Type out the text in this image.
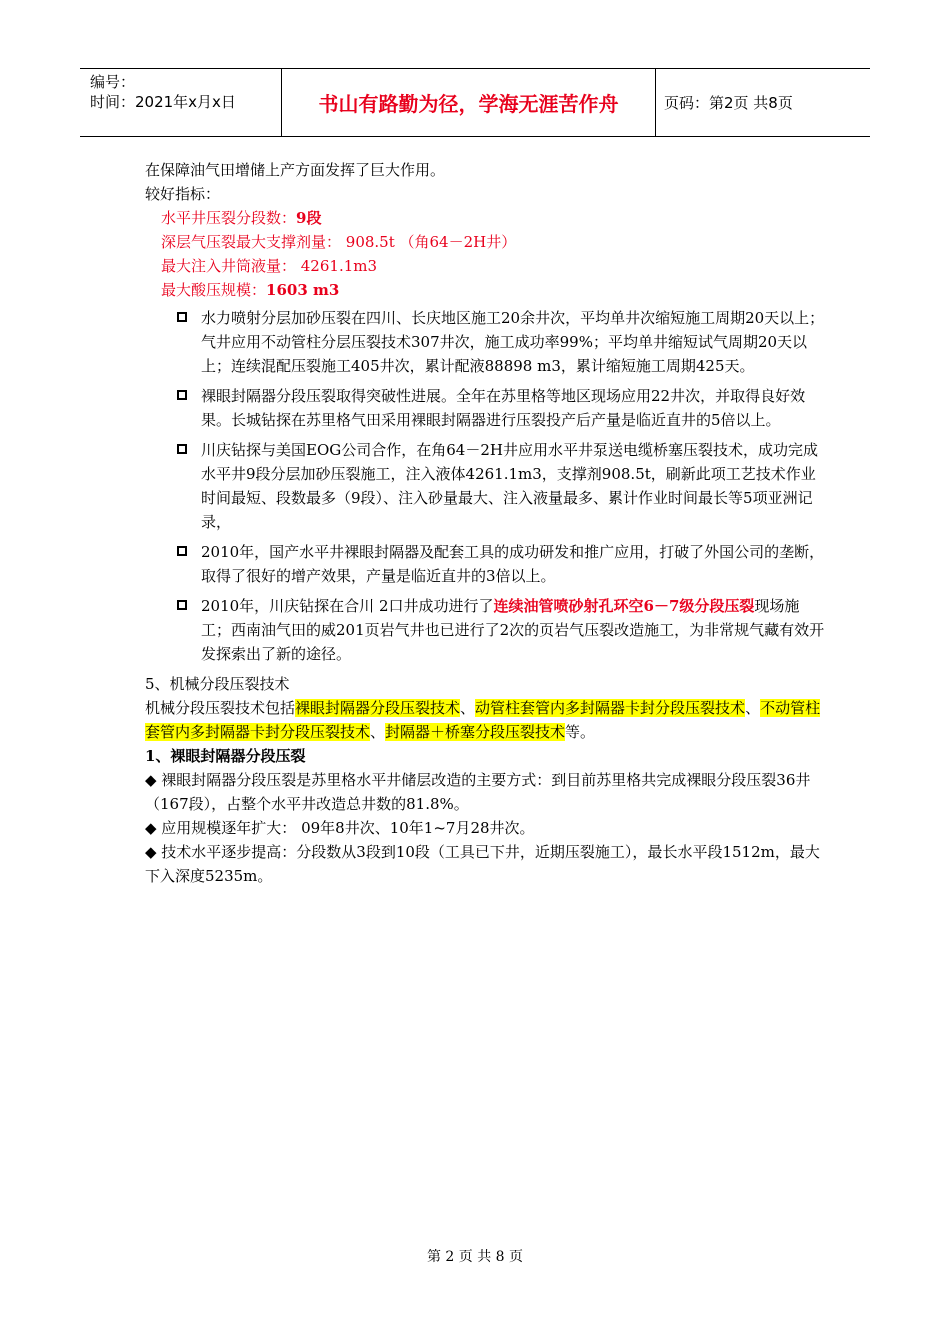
编号：
时间：2021年x月x日	书山有路勤为径，学海无涯苦作舟	页码：第2页 共8页

在保障油气田增储上产方面发挥了巨大作用。

较好指标：

水平井压裂分段数：9段

深层气压裂最大支撑剂量： 908.5t （角64－2H井）

最大注入井筒液量： 4261.1m3

最大酸压规模：1603 m3

水力喷射分层加砂压裂在四川、长庆地区施工20余井次，平均单井次缩短施工周期20天以上；气井应用不动管柱分层压裂技术307井次，施工成功率99%；平均单井缩短试气周期20天以上；连续混配压裂施工405井次，累计配液88898 m3，累计缩短施工周期425天。
裸眼封隔器分段压裂取得突破性进展。全年在苏里格等地区现场应用22井次，并取得良好效果。长城钻探在苏里格气田采用裸眼封隔器进行压裂投产后产量是临近直井的5倍以上。
川庆钻探与美国EOG公司合作，在角64－2H井应用水平井泵送电缆桥塞压裂技术，成功完成水平井9段分层加砂压裂施工，注入液体4261.1m3，支撑剂908.5t，刷新此项工艺技术作业时间最短、段数最多（9段）、注入砂量最大、注入液量最多、累计作业时间最长等5项亚洲记录，
2010年，国产水平井裸眼封隔器及配套工具的成功研发和推广应用，打破了外国公司的垄断，取得了很好的增产效果，产量是临近直井的3倍以上。
2010年，川庆钻探在合川 2口井成功进行了连续油管喷砂射孔环空6－7级分段压裂现场施工；西南油气田的威201页岩气井也已进行了2次的页岩气压裂改造施工，为非常规气藏有效开发探索出了新的途径。

5、机械分段压裂技术

机械分段压裂技术包括裸眼封隔器分段压裂技术、动管柱套管内多封隔器卡封分段压裂技术、不动管柱套管内多封隔器卡封分段压裂技术、封隔器＋桥塞分段压裂技术等。

1、裸眼封隔器分段压裂

◆ 裸眼封隔器分段压裂是苏里格水平井储层改造的主要方式：到目前苏里格共完成裸眼分段压裂36井（167段），占整个水平井改造总井数的81.8%。

◆ 应用规模逐年扩大： 09年8井次、10年1~7月28井次。

◆ 技术水平逐步提高：分段数从3段到10段（工具已下井，近期压裂施工），最长水平段1512m，最大下入深度5235m。

第 2 页 共 8 页
